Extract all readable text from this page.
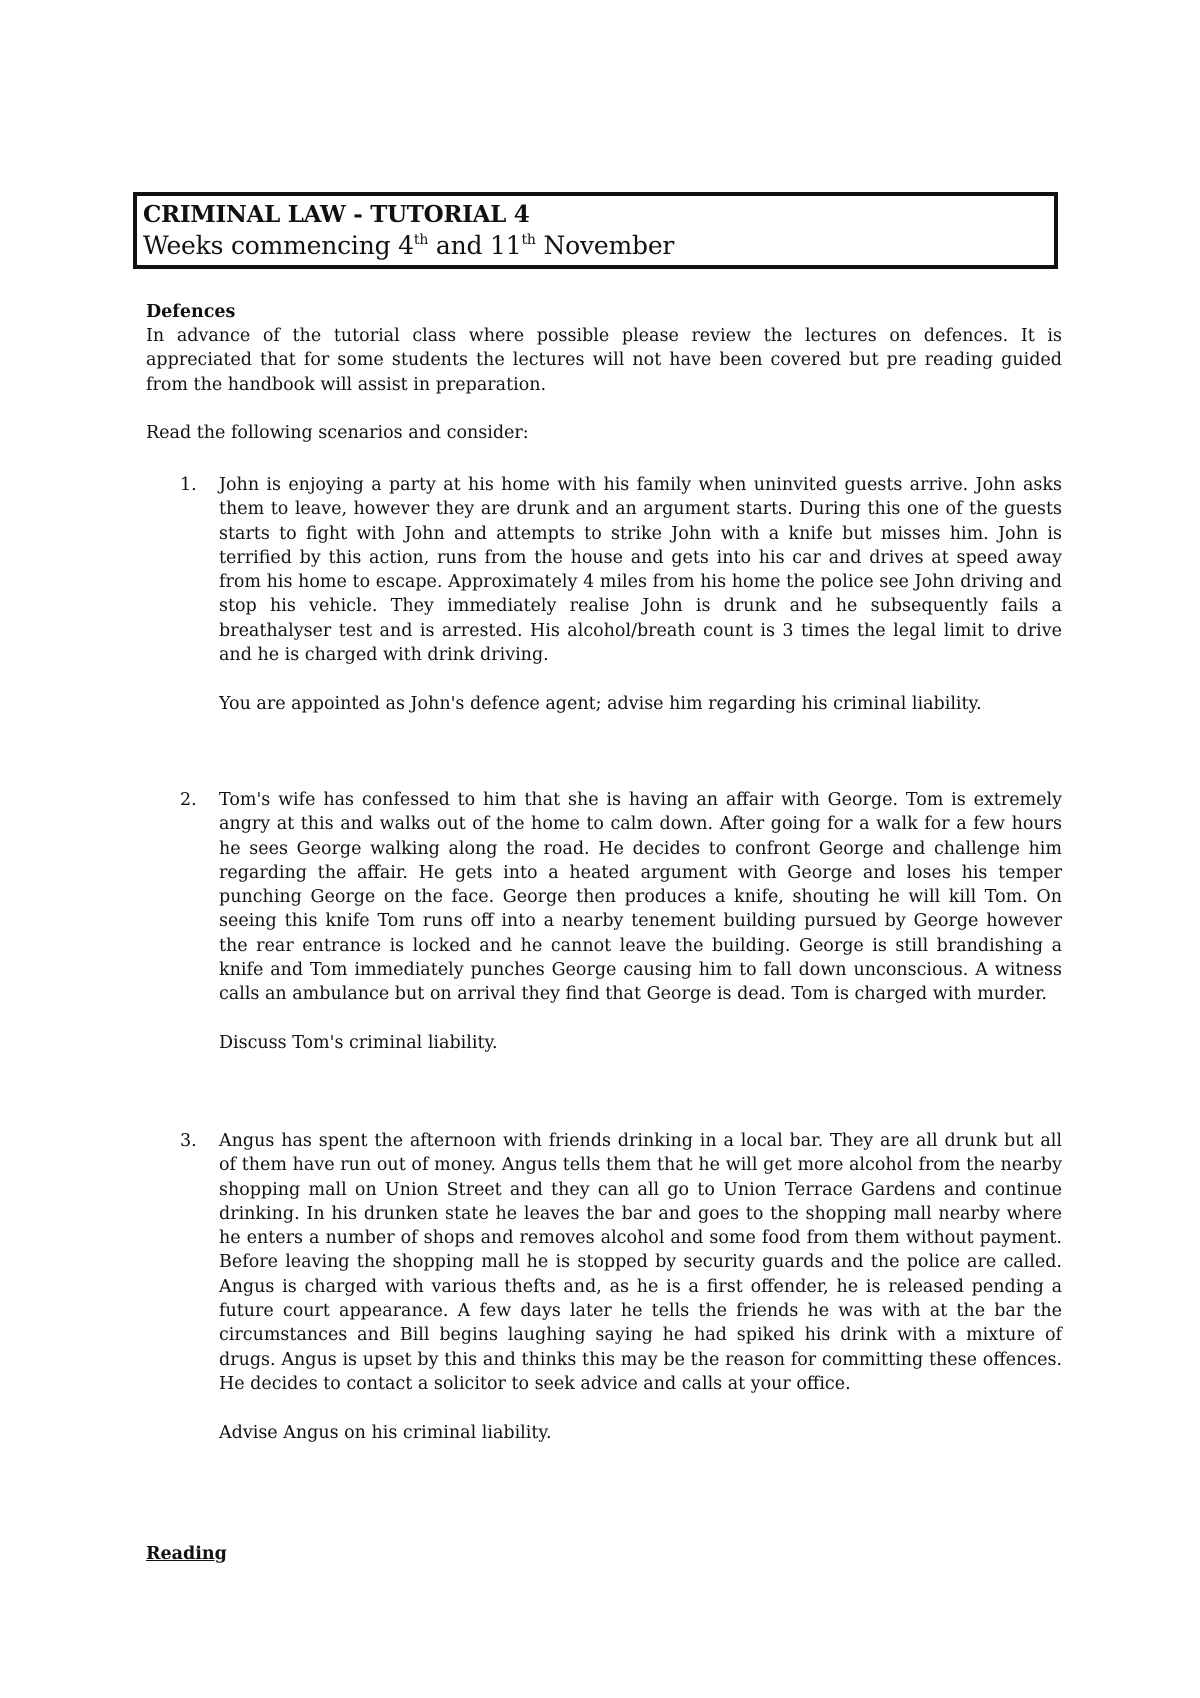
CRIMINAL LAW - TUTORIAL 4
Weeks commencing 4th and 11th November
Defences

In advance of the tutorial class where possible please review the lectures on defences. It is appreciated that for some students the lectures will not have been covered but pre reading guided from the handbook will assist in preparation.

Read the following scenarios and consider:

1. John is enjoying a party at his home with his family when uninvited guests arrive. John asks them to leave, however they are drunk and an argument starts. During this one of the guests starts to fight with John and attempts to strike John with a knife but misses him. John is terrified by this action, runs from the house and gets into his car and drives at speed away from his home to escape. Approximately 4 miles from his home the police see John driving and stop his vehicle. They immediately realise John is drunk and he subsequently fails a breathalyser test and is arrested. His alcohol/breath count is 3 times the legal limit to drive and he is charged with drink driving.

You are appointed as John's defence agent; advise him regarding his criminal liability.

2. Tom's wife has confessed to him that she is having an affair with George. Tom is extremely angry at this and walks out of the home to calm down. After going for a walk for a few hours he sees George walking along the road. He decides to confront George and challenge him regarding the affair. He gets into a heated argument with George and loses his temper punching George on the face. George then produces a knife, shouting he will kill Tom. On seeing this knife Tom runs off into a nearby tenement building pursued by George however the rear entrance is locked and he cannot leave the building. George is still brandishing a knife and Tom immediately punches George causing him to fall down unconscious. A witness calls an ambulance but on arrival they find that George is dead. Tom is charged with murder.

Discuss Tom's criminal liability.

3. Angus has spent the afternoon with friends drinking in a local bar. They are all drunk but all of them have run out of money. Angus tells them that he will get more alcohol from the nearby shopping mall on Union Street and they can all go to Union Terrace Gardens and continue drinking. In his drunken state he leaves the bar and goes to the shopping mall nearby where he enters a number of shops and removes alcohol and some food from them without payment. Before leaving the shopping mall he is stopped by security guards and the police are called. Angus is charged with various thefts and, as he is a first offender, he is released pending a future court appearance. A few days later he tells the friends he was with at the bar the circumstances and Bill begins laughing saying he had spiked his drink with a mixture of drugs. Angus is upset by this and thinks this may be the reason for committing these offences. He decides to contact a solicitor to seek advice and calls at your office.

Advise Angus on his criminal liability.

Reading
